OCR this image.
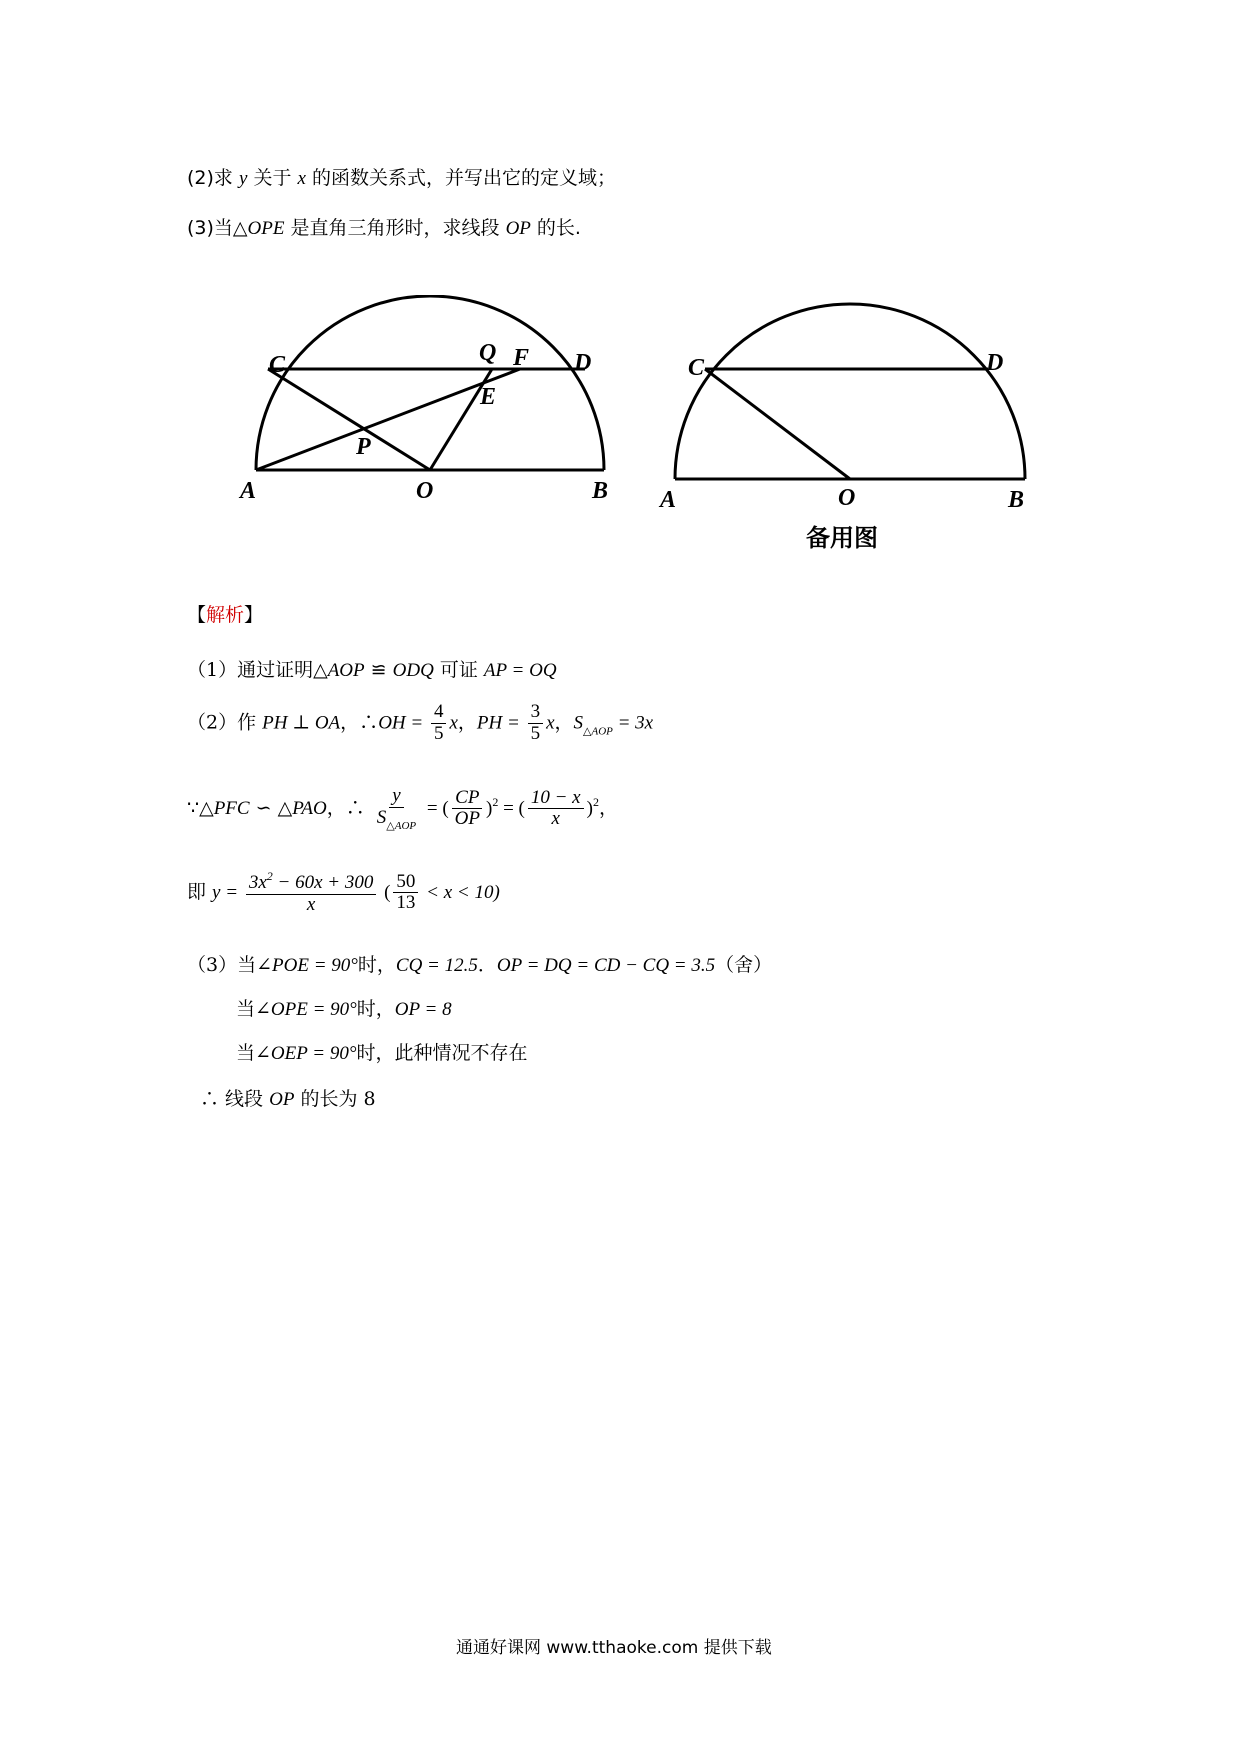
(2)求 y 关于 x 的函数关系式，并写出它的定义域；
(3)当△OPE 是直角三角形时，求线段 OP 的长.
A	O	B
C	D
Q F
E
P
A	O	B
C	D
备用图
【解析】
（1）通过证明△AOP ≌ ODQ 可证 AP = OQ
（2）作 PH ⊥ OA，∴OH = $\frac{4}{5}$ x，PH = $\frac{3}{5}$ x，$S_{\triangle AOP} = 3x$
∵△PFC ∽ △PAO，∴ $\frac{y}{S_{\triangle AOP}}$ = ( $\frac{CP}{OP} )^2$ = ( $\frac{10 - x}{x} )^2$，
即 $y = \frac{3x^2 - 60x + 300}{x}$ ( $\frac{50}{13} < x < 10$)
（3）当∠POE = 90°时，CQ = 12.5．OP = DQ = CD − CQ = 3.5（舍）
当∠OPE = 90°时，OP = 8
当∠OEP = 90°时，此种情况不存在
∴ 线段 OP 的长为 8
通通好课网 www.tthaoke.com 提供下载
